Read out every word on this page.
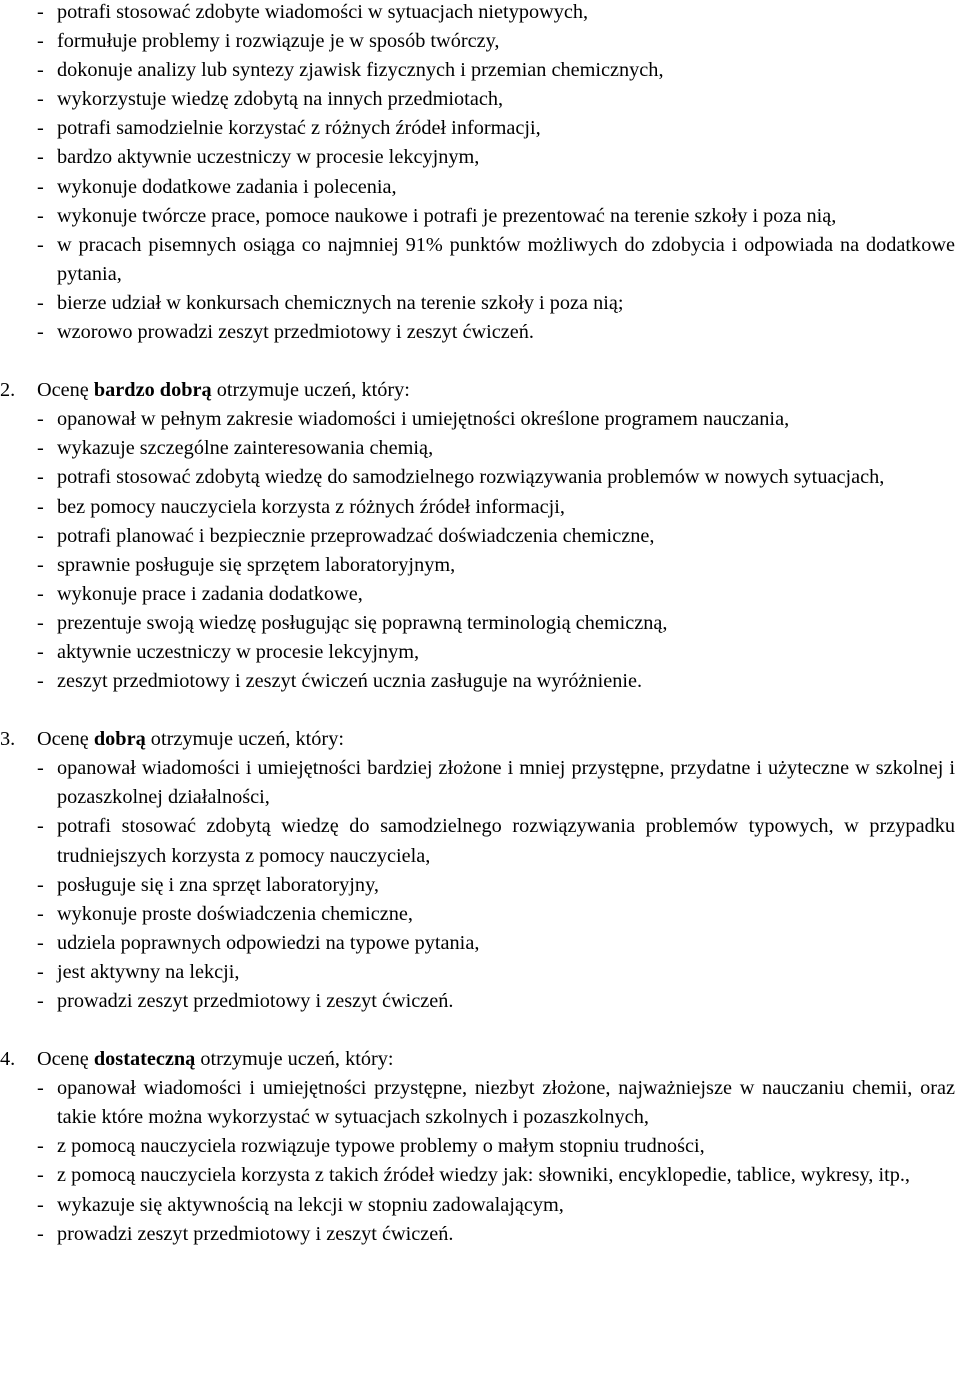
- potrafi stosować zdobyte wiadomości w sytuacjach nietypowych,
- formułuje problemy i rozwiązuje je w sposób twórczy,
- dokonuje analizy lub syntezy zjawisk fizycznych i przemian chemicznych,
- wykorzystuje wiedzę zdobytą na innych przedmiotach,
- potrafi samodzielnie korzystać z różnych źródeł informacji,
- bardzo aktywnie uczestniczy w procesie lekcyjnym,
- wykonuje dodatkowe zadania i polecenia,
- wykonuje twórcze prace, pomoce naukowe i potrafi je prezentować na terenie szkoły i poza nią,
- w pracach pisemnych osiąga co najmniej 91% punktów możliwych do zdobycia i odpowiada na dodatkowe pytania,
- bierze udział w konkursach chemicznych na terenie szkoły i poza nią;
- wzorowo prowadzi zeszyt przedmiotowy i zeszyt ćwiczeń.
2.	Ocenę bardzo dobrą otrzymuje uczeń, który:
- opanował w pełnym zakresie wiadomości i umiejętności określone programem nauczania,
- wykazuje szczególne zainteresowania chemią,
- potrafi stosować zdobytą wiedzę do samodzielnego rozwiązywania problemów w nowych sytuacjach,
- bez pomocy nauczyciela korzysta z różnych źródeł informacji,
- potrafi planować i bezpiecznie przeprowadzać doświadczenia chemiczne,
- sprawnie posługuje się sprzętem laboratoryjnym,
- wykonuje prace i zadania dodatkowe,
- prezentuje swoją wiedzę posługując się poprawną terminologią chemiczną,
- aktywnie uczestniczy w procesie lekcyjnym,
- zeszyt przedmiotowy i zeszyt ćwiczeń ucznia zasługuje na wyróżnienie.
3.	Ocenę dobrą otrzymuje uczeń, który:
- opanował wiadomości i umiejętności bardziej złożone i mniej przystępne, przydatne i użyteczne w szkolnej i pozaszkolnej działalności,
- potrafi stosować zdobytą wiedzę do samodzielnego rozwiązywania problemów typowych, w przypadku trudniejszych korzysta z pomocy nauczyciela,
- posługuje się i zna sprzęt laboratoryjny,
- wykonuje proste doświadczenia chemiczne,
- udziela poprawnych odpowiedzi na typowe pytania,
- jest aktywny na lekcji,
- prowadzi zeszyt przedmiotowy i zeszyt ćwiczeń.
4.	Ocenę dostateczną otrzymuje uczeń, który:
- opanował wiadomości i umiejętności przystępne, niezbyt złożone, najważniejsze w nauczaniu chemii, oraz takie które można wykorzystać w sytuacjach szkolnych i pozaszkolnych,
- z pomocą nauczyciela rozwiązuje typowe problemy o małym stopniu trudności,
- z pomocą nauczyciela korzysta z takich źródeł wiedzy jak: słowniki, encyklopedie, tablice, wykresy, itp.,
- wykazuje się aktywnością na lekcji w stopniu zadowalającym,
- prowadzi zeszyt przedmiotowy i zeszyt ćwiczeń.
